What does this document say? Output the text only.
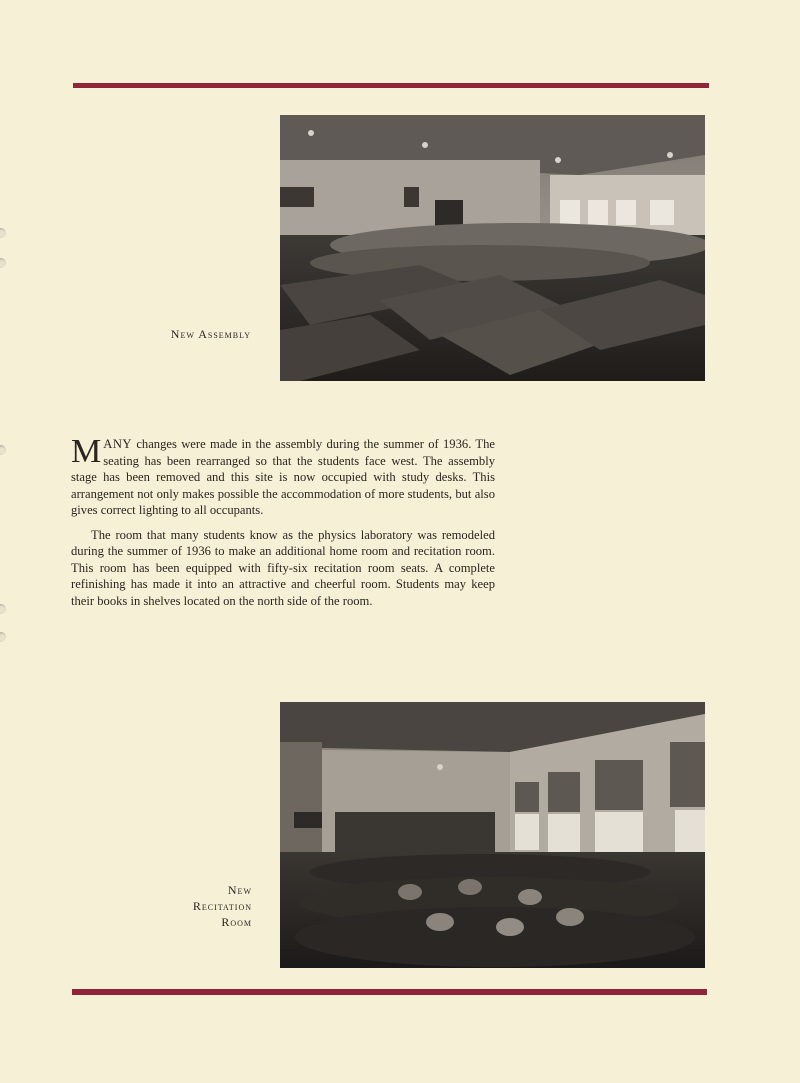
New Assembly

MANY changes were made in the assembly during the summer of 1936. The seating has been rearranged so that the students face west. The assembly stage has been removed and this site is now occupied with study desks. This arrangement not only makes possible the accommodation of more students, but also gives correct lighting to all occupants.

The room that many students know as the physics laboratory was remodeled during the summer of 1936 to make an additional home room and recitation room. This room has been equipped with fifty-six recitation room seats. A complete refinishing has made it into an attractive and cheerful room. Students may keep their books in shelves located on the north side of the room.

New
Recitation
Room
